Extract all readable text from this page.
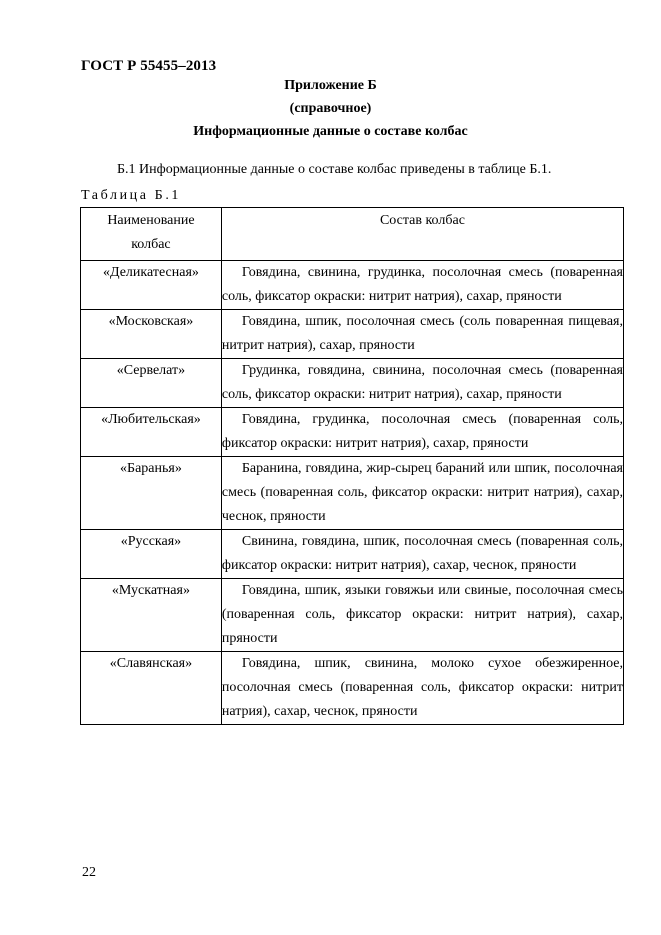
ГОСТ Р 55455–2013
Приложение Б
(справочное)
Информационные данные о составе колбас
Б.1 Информационные данные о составе колбас приведены в таблице Б.1.
Таблица Б.1
Наименование
колбас	Состав колбас
«Деликатесная»	Говядина, свинина, грудинка, посолочная смесь (поваренная соль, фиксатор окраски: нитрит натрия), сахар, пряности
«Московская»	Говядина, шпик, посолочная смесь (соль поваренная пищевая, нитрит натрия), сахар, пряности
«Сервелат»	Грудинка, говядина, свинина, посолочная смесь (поваренная соль, фиксатор окраски: нитрит натрия), сахар, пряности
«Любительская»	Говядина, грудинка, посолочная смесь (поваренная соль, фиксатор окраски: нитрит натрия), сахар, пряности
«Баранья»	Баранина, говядина, жир-сырец бараний или шпик, посолочная смесь (поваренная соль, фиксатор окраски: нитрит натрия), сахар, чеснок, пряности
«Русская»	Свинина, говядина, шпик, посолочная смесь (поваренная соль, фиксатор окраски: нитрит натрия), сахар, чеснок, пряности
«Мускатная»	Говядина, шпик, языки говяжьи или свиные, посолочная смесь (поваренная соль, фиксатор окраски: нитрит натрия), сахар, пряности
«Славянская»	Говядина, шпик, свинина, молоко сухое обезжиренное, посолочная смесь (поваренная соль, фиксатор окраски: нитрит натрия), сахар, чеснок, пряности
22
